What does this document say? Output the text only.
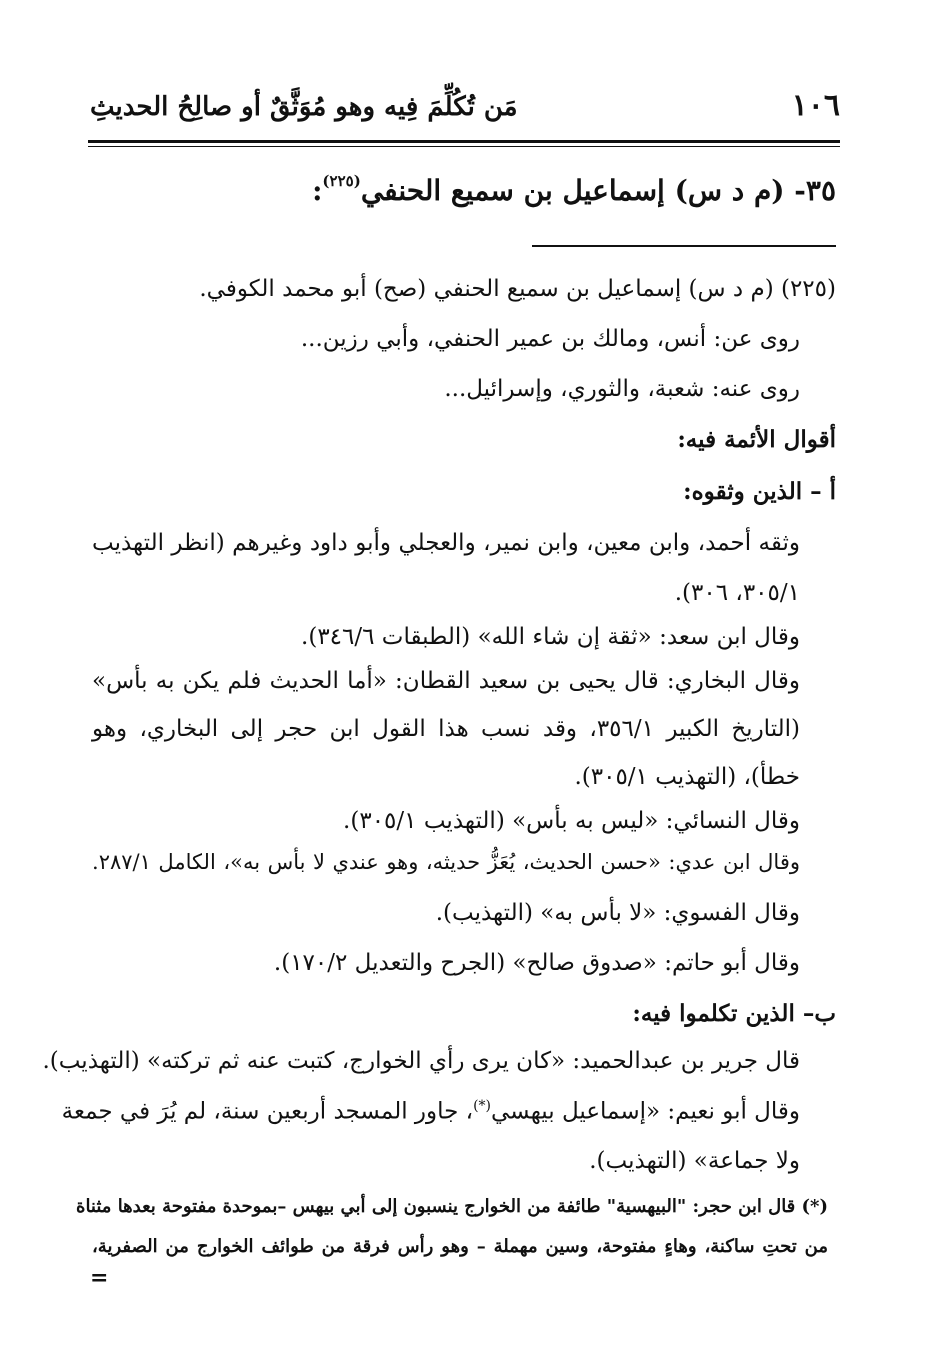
١٠٦
مَن تُكُلِّمَ فِيه وهو مُوَثَّقٌ أو صالِحُ الحديثِ
٣٥- (م د س) إسماعيل بن سميع الحنفي$^{(٢٢٥)}$:
(٢٢٥) (م د س) إسماعيل بن سميع الحنفي (صح) أبو محمد الكوفي.
روى عن: أنس، ومالك بن عمير الحنفي، وأبي رزين...
روى عنه: شعبة، والثوري، وإسرائيل...
أقوال الأئمة فيه:
أ – الذين وثقوه:
وثقه أحمد، وابن معين، وابن نمير، والعجلي وأبو داود وغيرهم (انظر التهذيب
٣٠٥/١، ٣٠٦).
وقال ابن سعد: «ثقة إن شاء الله» (الطبقات ٣٤٦/٦).
وقال البخاري: قال يحيى بن سعيد القطان: «أما الحديث فلم يكن به بأس»
(التاريخ الكبير ٣٥٦/١، وقد نسب هذا القول ابن حجر إلى البخاري، وهو
خطأ)، (التهذيب ٣٠٥/١).
وقال النسائي: «ليس به بأس» (التهذيب ٣٠٥/١).
وقال ابن عدي: «حسن الحديث، يُعَزُّ حديثه، وهو عندي لا بأس به»، الكامل ٢٨٧/١.
وقال الفسوي: «لا بأس به» (التهذيب).
وقال أبو حاتم: «صدوق صالح» (الجرح والتعديل ١٧٠/٢).
ب– الذين تكلموا فيه:
قال جرير بن عبدالحميد: «كان يرى رأي الخوارج، كتبت عنه ثم تركته» (التهذيب).
وقال أبو نعيم: «إسماعيل بيهسي(*)، جاور المسجد أربعين سنة، لم يُرَ في جمعة
ولا جماعة» (التهذيب).
(*) قال ابن حجر: "البيهسية" طائفة من الخوارج ينسبون إلى أبي بيهس –بموحدة مفتوحة بعدها مثناة
من تحتِ ساكنة، وهاءٍ مفتوحة، وسين مهملة – وهو رأس فرقة من طوائف الخوارج من الصفرية،
=
